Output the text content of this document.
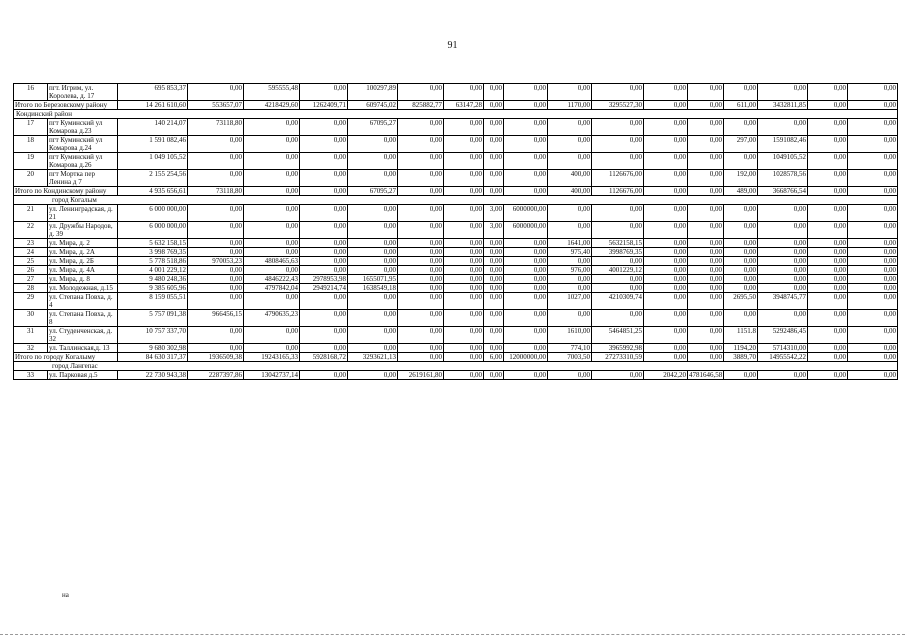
91
16	пгт. Игрим, ул. Королева, д. 17	695 853,37	0,00	595555,48	0,00	100297,89	0,00	0,00	0,00	0,00	0,00	0,00	0,00	0,00	0,00	0,00	0,00	0,00
Итого по Березовскому району		14 261 610,60	553657,07	4218429,60	1262409,71	609745,02	825882,77	63147,28	0,00	0,00	1170,00	3295527,30	0,00	0,00	611,00	3432811,85	0,00	0,00
Кондинский район																		
17	пгт Куминский ул Комарова д.23	140 214,07	73118,80	0,00	0,00	67095,27	0,00	0,00	0,00	0,00	0,00	0,00	0,00	0,00	0,00	0,00	0,00	0,00
18	пгт Куминский ул Комарова д.24	1 591 082,46	0,00	0,00	0,00	0,00	0,00	0,00	0,00	0,00	0,00	0,00	0,00	0,00	297,00	1591082,46	0,00	0,00
19	пгт Куминский ул Комарова д.26	1 049 105,52	0,00	0,00	0,00	0,00	0,00	0,00	0,00	0,00	0,00	0,00	0,00	0,00	0,00	1049105,52	0,00	0,00
20	пгт Мортка пер Ленина д 7	2 155 254,56	0,00	0,00	0,00	0,00	0,00	0,00	0,00	0,00	400,00	1126676,00	0,00	0,00	192,00	1028578,56	0,00	0,00
Итого по Кондинскому району		4 935 656,61	73118,80	0,00	0,00	67095,27	0,00	0,00	0,00	0,00	400,00	1126676,00	0,00	0,00	489,00	3668766,54	0,00	0,00
город Когалым																		
21	ул. Ленинградская, д. 21	6 000 000,00	0,00	0,00	0,00	0,00	0,00	0,00	3,00	6000000,00	0,00	0,00	0,00	0,00	0,00	0,00	0,00	0,00
22	ул. Дружбы Народов, д. 39	6 000 000,00	0,00	0,00	0,00	0,00	0,00	0,00	3,00	6000000,00	0,00	0,00	0,00	0,00	0,00	0,00	0,00	0,00
23	ул. Мира, д. 2	5 632 158,15	0,00	0,00	0,00	0,00	0,00	0,00	0,00	0,00	1641,00	5632158,15	0,00	0,00	0,00	0,00	0,00	0,00
24	ул. Мира, д. 2А	3 998 769,35	0,00	0,00	0,00	0,00	0,00	0,00	0,00	0,00	975,40	3998769,35	0,00	0,00	0,00	0,00	0,00	0,00
25	ул. Мира, д. 2Б	5 778 518,86	970053,23	4808465,63	0,00	0,00	0,00	0,00	0,00	0,00	0,00	0,00	0,00	0,00	0,00	0,00	0,00	0,00
26	ул. Мира, д. 4А	4 001 229,12	0,00	0,00	0,00	0,00	0,00	0,00	0,00	0,00	976,00	4001229,12	0,00	0,00	0,00	0,00	0,00	0,00
27	ул. Мира, д. 8	9 480 248,36	0,00	4846222,43	2978953,98	1655071,95	0,00	0,00	0,00	0,00	0,00	0,00	0,00	0,00	0,00	0,00	0,00	0,00
28	ул. Молодежная, д.15	9 385 605,96	0,00	4797842,04	2949214,74	1638549,18	0,00	0,00	0,00	0,00	0,00	0,00	0,00	0,00	0,00	0,00	0,00	0,00
29	ул. Степана Повха, д. 4	8 159 055,51	0,00	0,00	0,00	0,00	0,00	0,00	0,00	0,00	1027,00	4210309,74	0,00	0,00	2695,50	3948745,77	0,00	0,00
30	ул. Степана Повха, д. 8	5 757 091,38	966456,15	4790635,23	0,00	0,00	0,00	0,00	0,00	0,00	0,00	0,00	0,00	0,00	0,00	0,00	0,00	0,00
31	ул. Студенченская, д. 32	10 757 337,70	0,00	0,00	0,00	0,00	0,00	0,00	0,00	0,00	1610,00	5464851,25	0,00	0,00	1151.8	5292486,45	0,00	0,00
32	ул. Таллинская,д. 13	9 680 302,98	0,00	0,00	0,00	0,00	0,00	0,00	0,00	0,00	774,10	3965992,98	0,00	0,00	1194,20	5714310,00	0,00	0,00
Итого по городу Когалыму		84 630 317,37	1936509,38	19243165,33	5928168,72	3293621,13	0,00	0,00	6,00	12000000,00	7003,50	27273310,59	0,00	0,00	3889,70	14955542,22	0,00	0,00
город Лангепас																		
33	ул. Парковая д.5	22 730 943,38	2287397,86	13042737,14	0,00	0,00	2619161,80	0,00	0,00	0,00	0,00	0,00	2042,20	4781646,58	0,00	0,00	0,00	0,00
на
